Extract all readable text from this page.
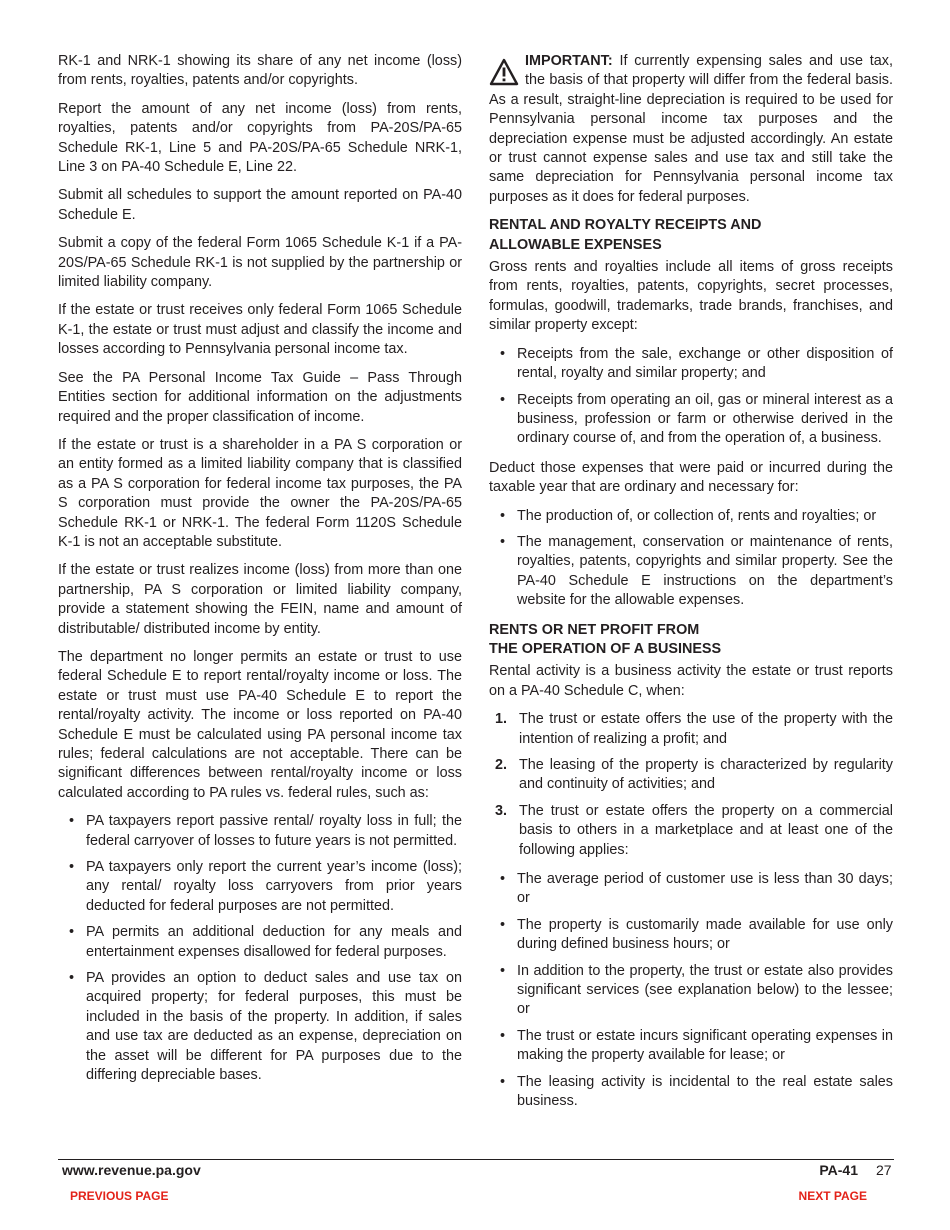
RK-1 and NRK-1 showing its share of any net income (loss) from rents, royalties, patents and/or copyrights.

Report the amount of any net income (loss) from rents, royalties, patents and/or copyrights from PA-20S/PA-65 Schedule RK-1, Line 5 and PA-20S/PA-65 Schedule NRK-1, Line 3 on PA-40 Schedule E, Line 22.

Submit all schedules to support the amount reported on PA-40 Schedule E.

Submit a copy of the federal Form 1065 Schedule K-1 if a PA-20S/PA-65 Schedule RK-1 is not supplied by the partnership or limited liability company.

If the estate or trust receives only federal Form 1065 Schedule K-1, the estate or trust must adjust and classify the income and losses according to Pennsylvania personal income tax.

See the PA Personal Income Tax Guide – Pass Through Entities section for additional information on the adjustments required and the proper classification of income.

If the estate or trust is a shareholder in a PA S corporation or an entity formed as a limited liability company that is classified as a PA S corporation for federal income tax purposes, the PA S corporation must provide the owner the PA-20S/PA-65 Schedule RK-1 or NRK-1. The federal Form 1120S Schedule K-1 is not an acceptable substitute.

If the estate or trust realizes income (loss) from more than one partnership, PA S corporation or limited liability company, provide a statement showing the FEIN, name and amount of distributable/ distributed income by entity.

The department no longer permits an estate or trust to use federal Schedule E to report rental/royalty income or loss. The estate or trust must use PA-40 Schedule E to report the rental/royalty activity. The income or loss reported on PA-40 Schedule E must be calculated using PA personal income tax rules; federal calculations are not acceptable. There can be significant differences between rental/royalty income or loss calculated according to PA rules vs. federal rules, such as:

• PA taxpayers report passive rental/ royalty loss in full; the federal carryover of losses to future years is not permitted.
• PA taxpayers only report the current year’s income (loss); any rental/ royalty loss carryovers from prior years deducted for federal purposes are not permitted.
• PA permits an additional deduction for any meals and entertainment expenses disallowed for federal purposes.
• PA provides an option to deduct sales and use tax on acquired property; for federal purposes, this must be included in the basis of the property. In addition, if sales and use tax are deducted as an expense, depreciation on the asset will be different for PA purposes due to the differing depreciable bases.

IMPORTANT: If currently expensing sales and use tax, the basis of that property will differ from the federal basis. As a result, straight-line depreciation is required to be used for Pennsylvania personal income tax purposes and the depreciation expense must be adjusted accordingly. An estate or trust cannot expense sales and use tax and still take the same depreciation for Pennsylvania personal income tax purposes as it does for federal purposes.

RENTAL AND ROYALTY RECEIPTS AND
ALLOWABLE EXPENSES

Gross rents and royalties include all items of gross receipts from rents, royalties, patents, copyrights, secret processes, formulas, goodwill, trademarks, trade brands, franchises, and similar property except:

• Receipts from the sale, exchange or other disposition of rental, royalty and similar property; and
• Receipts from operating an oil, gas or mineral interest as a business, profession or farm or otherwise derived in the ordinary course of, and from the operation of, a business.

Deduct those expenses that were paid or incurred during the taxable year that are ordinary and necessary for:

• The production of, or collection of, rents and royalties; or
• The management, conservation or maintenance of rents, royalties, patents, copyrights and similar property. See the PA-40 Schedule E instructions on the department’s website for the allowable expenses.
RENTS OR NET PROFIT FROM
THE OPERATION OF A BUSINESS

Rental activity is a business activity the estate or trust reports on a PA-40 Schedule C, when:

1. The trust or estate offers the use of the property with the intention of realizing a profit; and
2. The leasing of the property is characterized by regularity and continuity of activities; and
3. The trust or estate offers the property on a commercial basis to others in a marketplace and at least one of the following applies:
• The average period of customer use is less than 30 days; or
• The property is customarily made available for use only during defined business hours; or
• In addition to the property, the trust or estate also provides significant services (see explanation below) to the lessee; or
• The trust or estate incurs significant operating expenses in making the property available for lease; or
• The leasing activity is incidental to the real estate sales business.
www.revenue.pa.gov	PA-41 27
PREVIOUS PAGE	NEXT PAGE
